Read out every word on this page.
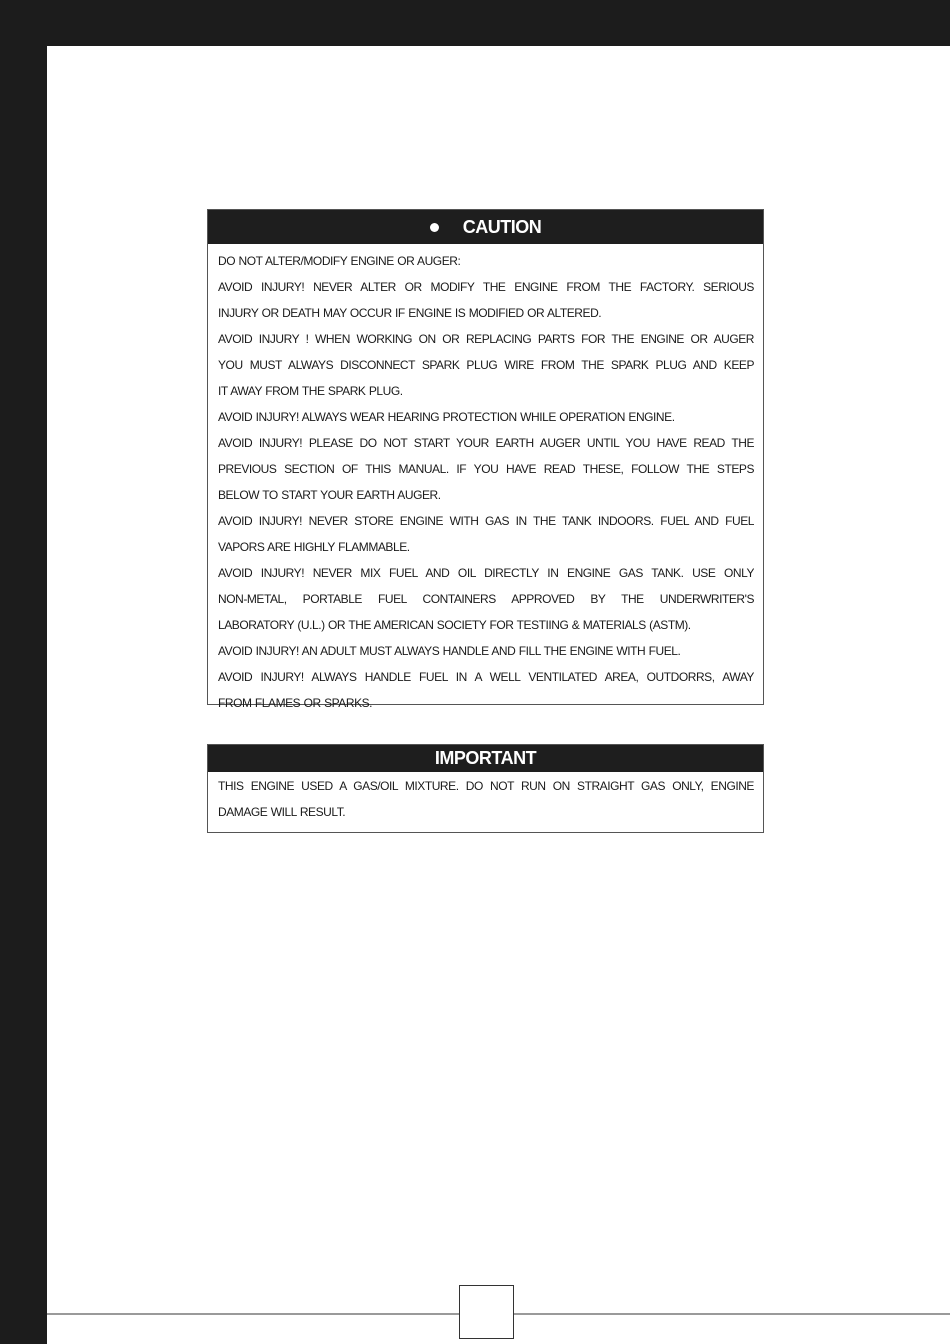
CAUTION
DO NOT ALTER/MODIFY ENGINE OR AUGER:
AVOID INJURY! NEVER ALTER OR MODIFY THE ENGINE FROM THE FACTORY. SERIOUS
INJURY OR DEATH MAY OCCUR IF ENGINE IS MODIFIED OR ALTERED.
AVOID INJURY ! WHEN WORKING ON OR REPLACING PARTS FOR THE ENGINE OR AUGER
YOU MUST ALWAYS DISCONNECT SPARK PLUG WIRE FROM THE SPARK PLUG AND KEEP
IT AWAY FROM THE SPARK PLUG.
AVOID INJURY! ALWAYS WEAR HEARING PROTECTION WHILE OPERATION ENGINE.
AVOID INJURY! PLEASE DO NOT START YOUR EARTH AUGER UNTIL YOU HAVE READ THE
PREVIOUS SECTION OF THIS MANUAL. IF YOU HAVE READ THESE, FOLLOW THE STEPS
BELOW TO START YOUR EARTH AUGER.
AVOID INJURY! NEVER STORE ENGINE WITH GAS IN THE TANK INDOORS. FUEL AND FUEL
VAPORS ARE HIGHLY FLAMMABLE.
AVOID INJURY! NEVER MIX FUEL AND OIL DIRECTLY IN ENGINE GAS TANK. USE ONLY
NON-METAL, PORTABLE FUEL CONTAINERS APPROVED BY THE UNDERWRITER'S
LABORATORY (U.L.) OR THE AMERICAN SOCIETY FOR TESTIING & MATERIALS (ASTM).
AVOID INJURY! AN ADULT MUST ALWAYS HANDLE AND FILL THE ENGINE WITH FUEL.
AVOID INJURY! ALWAYS HANDLE FUEL IN A WELL VENTILATED AREA, OUTDORRS, AWAY
FROM FLAMES OR SPARKS.
IMPORTANT
THIS ENGINE USED A GAS/OIL MIXTURE. DO NOT RUN ON STRAIGHT GAS ONLY, ENGINE
DAMAGE WILL RESULT.
